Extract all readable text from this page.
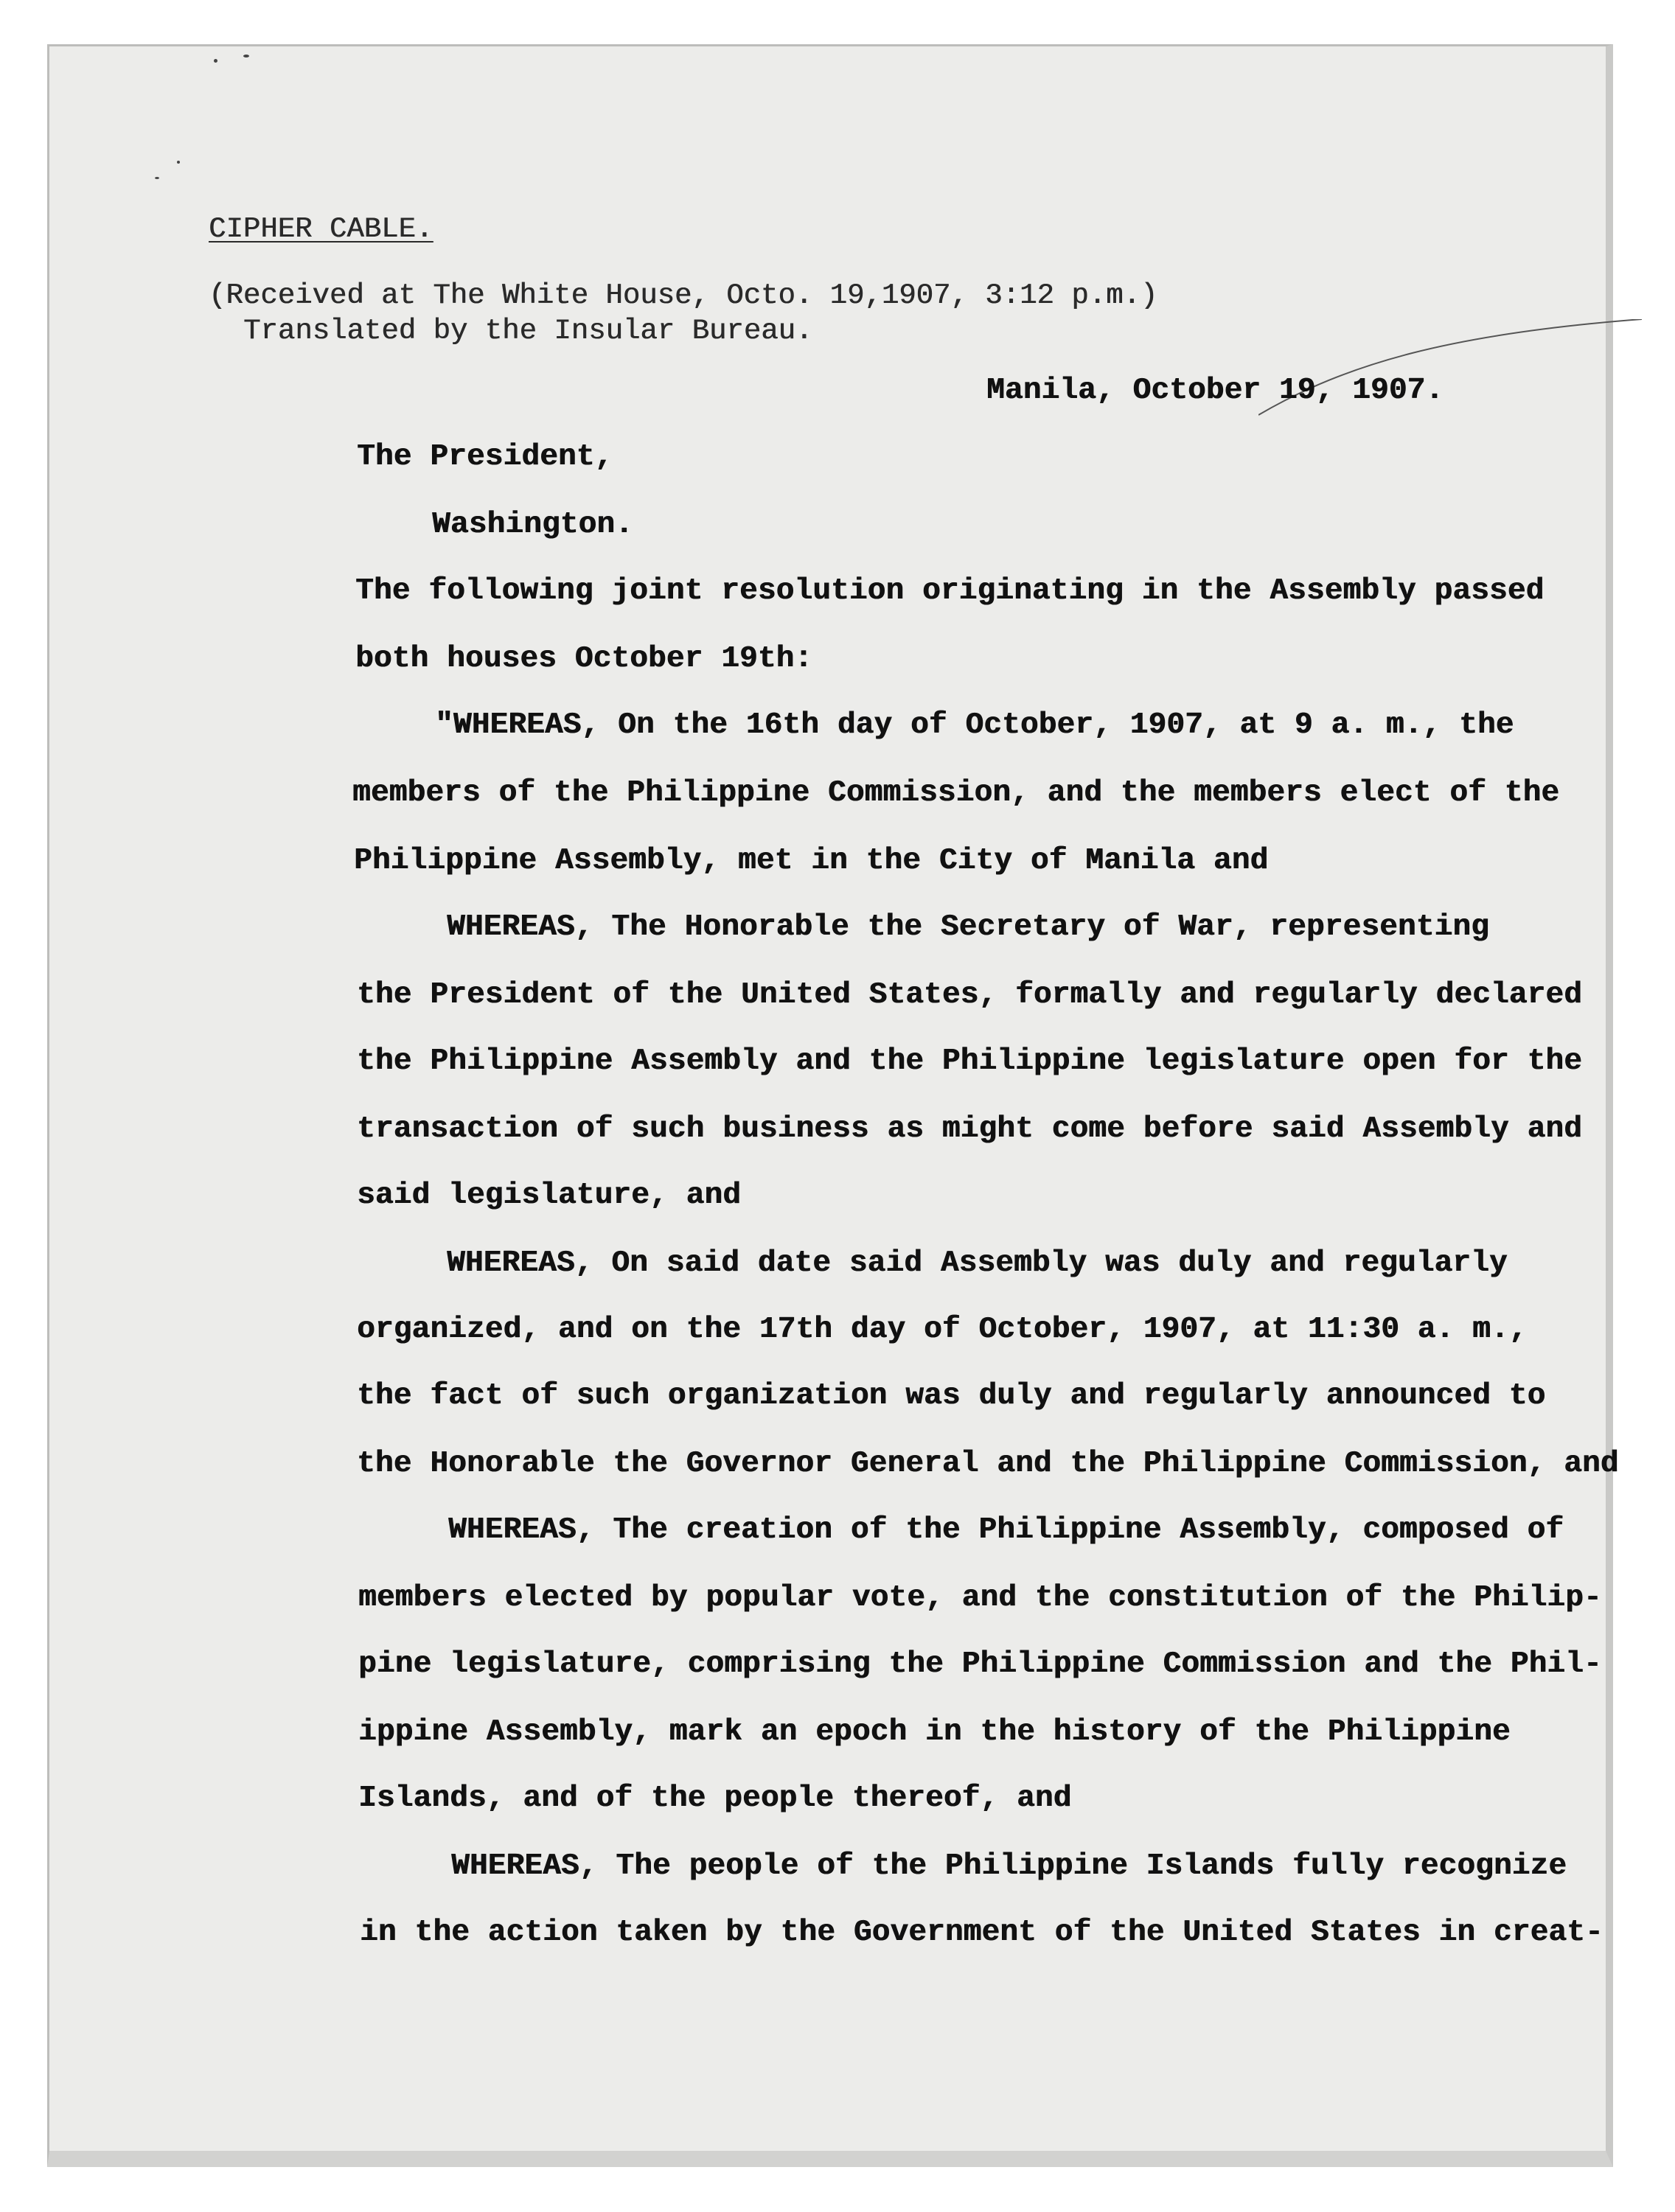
CIPHER CABLE.
(Received at The White House, Octo. 19,1907, 3:12 p.m.)
Translated by the Insular Bureau.
Manila, October 19, 1907.
The President,
Washington.
The following joint resolution originating in the Assembly passed
both houses October 19th:
"WHEREAS, On the 16th day of October, 1907, at 9 a. m., the
members of the Philippine Commission, and the members elect of the
Philippine Assembly, met in the City of Manila and
WHEREAS, The Honorable the Secretary of War, representing
the President of the United States, formally and regularly declared
the Philippine Assembly and the Philippine legislature open for the
transaction of such business as might come before said Assembly and
said legislature, and
WHEREAS, On said date said Assembly was duly and regularly
organized, and on the 17th day of October, 1907, at 11:30 a. m.,
the fact of such organization was duly and regularly announced to
the Honorable the Governor General and the Philippine Commission, and
WHEREAS, The creation of the Philippine Assembly, composed of
members elected by popular vote, and the constitution of the Philip-
pine legislature, comprising the Philippine Commission and the Phil-
ippine Assembly, mark an epoch in the history of the Philippine
Islands, and of the people thereof, and
WHEREAS, The people of the Philippine Islands fully recognize
in the action taken by the Government of the United States in creat-
